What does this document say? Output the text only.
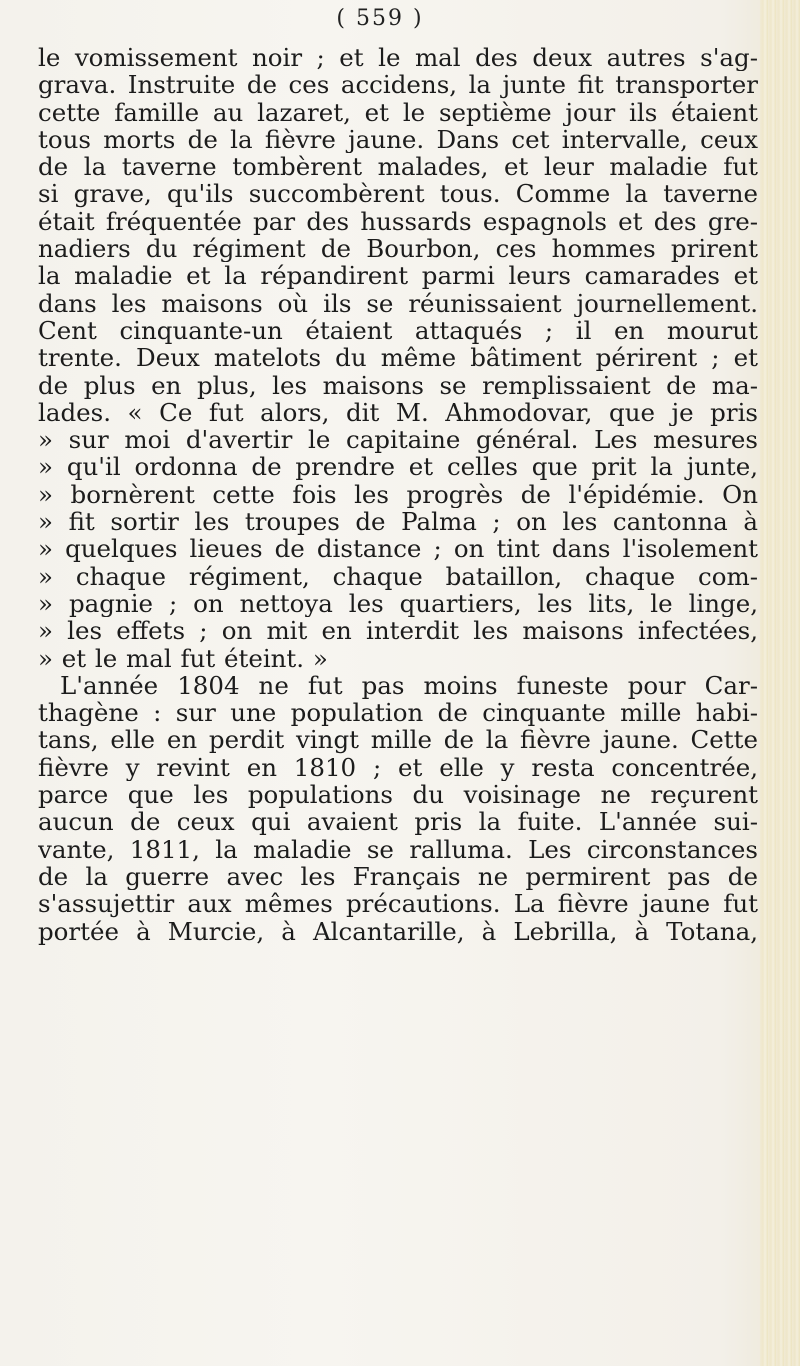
( 559 )
le vomissement noir ; et le mal des deux autres s'ag-
grava. Instruite de ces accidens, la junte fit transporter
cette famille au lazaret, et le septième jour ils étaient
tous morts de la fièvre jaune. Dans cet intervalle, ceux
de la taverne tombèrent malades, et leur maladie fut
si grave, qu'ils succombèrent tous. Comme la taverne
était fréquentée par des hussards espagnols et des gre-
nadiers du régiment de Bourbon, ces hommes prirent
la maladie et la répandirent parmi leurs camarades et
dans les maisons où ils se réunissaient journellement.
Cent cinquante-un étaient attaqués ; il en mourut
trente. Deux matelots du même bâtiment périrent ; et
de plus en plus, les maisons se remplissaient de ma-
lades. « Ce fut alors, dit M. Ahmodovar, que je pris
» sur moi d'avertir le capitaine général. Les mesures
» qu'il ordonna de prendre et celles que prit la junte,
» bornèrent cette fois les progrès de l'épidémie. On
» fit sortir les troupes de Palma ; on les cantonna à
» quelques lieues de distance ; on tint dans l'isolement
» chaque régiment, chaque bataillon, chaque com-
» pagnie ; on nettoya les quartiers, les lits, le linge,
» les effets ; on mit en interdit les maisons infectées,
» et le mal fut éteint. »
L'année 1804 ne fut pas moins funeste pour Car-
thagène : sur une population de cinquante mille habi-
tans, elle en perdit vingt mille de la fièvre jaune. Cette
fièvre y revint en 1810 ; et elle y resta concentrée,
parce que les populations du voisinage ne reçurent
aucun de ceux qui avaient pris la fuite. L'année sui-
vante, 1811, la maladie se ralluma. Les circonstances
de la guerre avec les Français ne permirent pas de
s'assujettir aux mêmes précautions. La fièvre jaune fut
portée à Murcie, à Alcantarille, à Lebrilla, à Totana,
